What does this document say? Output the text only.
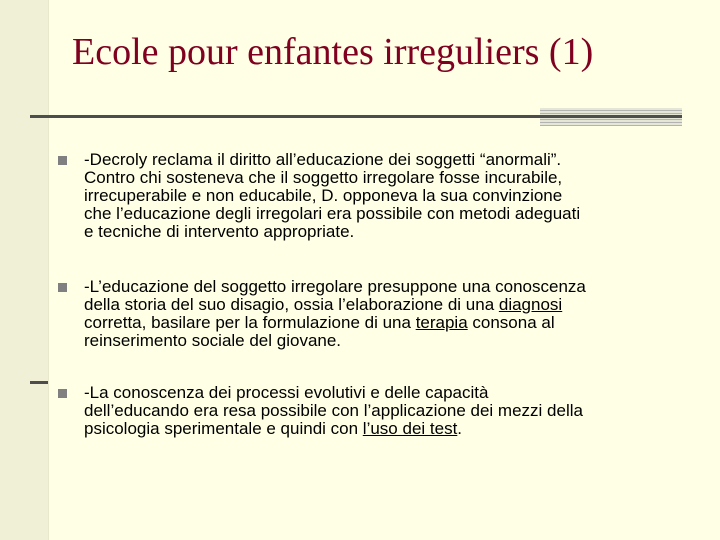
Ecole pour enfantes irreguliers (1)
-Decroly reclama il diritto all’educazione dei soggetti “anormali”.
Contro chi sosteneva che il soggetto irregolare fosse incurabile,
irrecuperabile e non educabile, D. opponeva la sua convinzione
che l’educazione degli irregolari era possibile con metodi adeguati
e tecniche di intervento appropriate.
-L’educazione del soggetto irregolare presuppone una conoscenza
della storia del suo disagio, ossia l’elaborazione di una diagnosi
corretta, basilare per la formulazione di una terapia consona al
reinserimento sociale del giovane.
-La conoscenza dei processi evolutivi e delle capacità
dell’educando era resa possibile con l’applicazione dei mezzi della
psicologia sperimentale e quindi con l’uso dei test.
